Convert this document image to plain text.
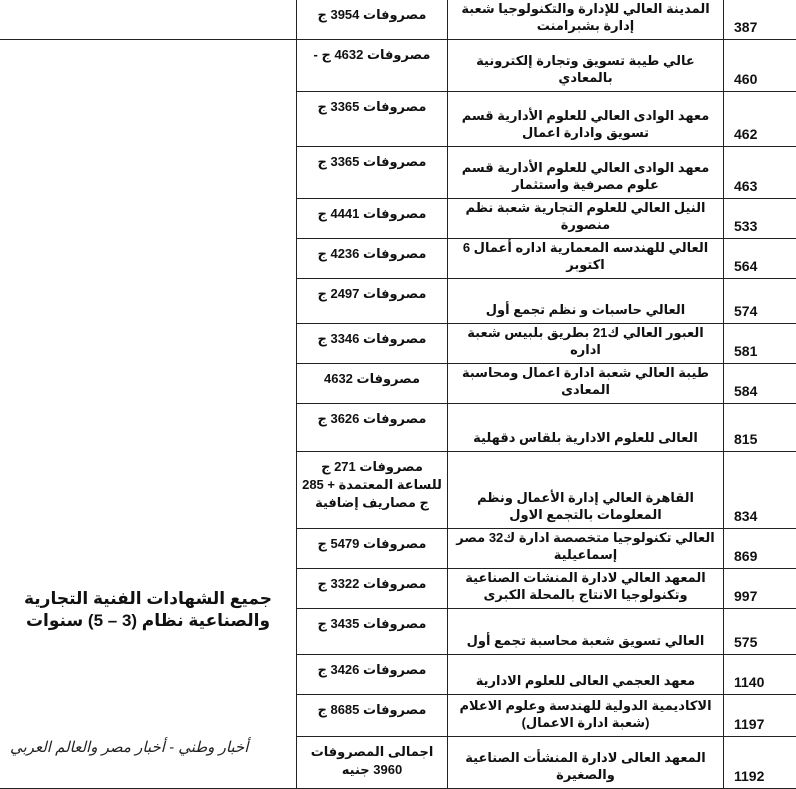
	مصروفات 3954 ج	المدينة العالي للإدارة والتكنولوجيا شعبة إدارة بشبرامنت	387
جميع الشهادات الفنية التجارية والصناعية نظام (3 – 5) سنوات	مصروفات 4632 ج -	عالي طيبة تسويق وتجارة إلكترونية بالمعادي	460
	مصروفات 3365 ج	معهد الوادى العالي للعلوم الأدارية قسم تسويق وادارة اعمال	462
	مصروفات 3365 ج	معهد الوادى العالي للعلوم الأدارية قسم علوم مصرفية واستثمار	463
	مصروفات 4441 ج	النيل العالي للعلوم التجارية شعبة نظم منصورة	533
	مصروفات 4236 ج	العالي للهندسه المعمارية اداره أعمال 6 اكتوبر	564
	مصروفات 2497 ج	العالي حاسبات و نظم تجمع أول	574
	مصروفات 3346 ج	العبور العالي ك21 بطريق بلبيس شعبة اداره	581
	مصروفات 4632	طيبة العالي شعبة ادارة اعمال ومحاسبة المعادى	584
	مصروفات 3626 ج	العالى للعلوم الادارية بلقاس دقهلية	815
	مصروفات 271 ج للساعة المعتمدة + 285 ج مصاريف إضافية	القاهرة العالي إدارة الأعمال ونظم المعلومات بالتجمع الاول	834
	مصروفات 5479 ج	العالي تكنولوجيا متخصصة ادارة ك32 مصر إسماعيلية	869
	مصروفات 3322 ج	المعهد العالي لادارة المنشات الصناعية وتكنولوجيا الانتاج بالمحلة الكبرى	997
	مصروفات 3435 ج	العالي تسويق شعبة محاسبة تجمع أول	575
	مصروفات 3426 ج	معهد العجمي العالى للعلوم الادارية	1140
	مصروفات 8685 ج	الاكاديمية الدولية للهندسة وعلوم الاعلام (شعبة ادارة الاعمال)	1197
	اجمالى المصروفات 3960 جنيه	المعهد العالى لادارة المنشأت الصناعية والصغيرة	1192
أخبار وطني - أخبار مصر والعالم العربي
